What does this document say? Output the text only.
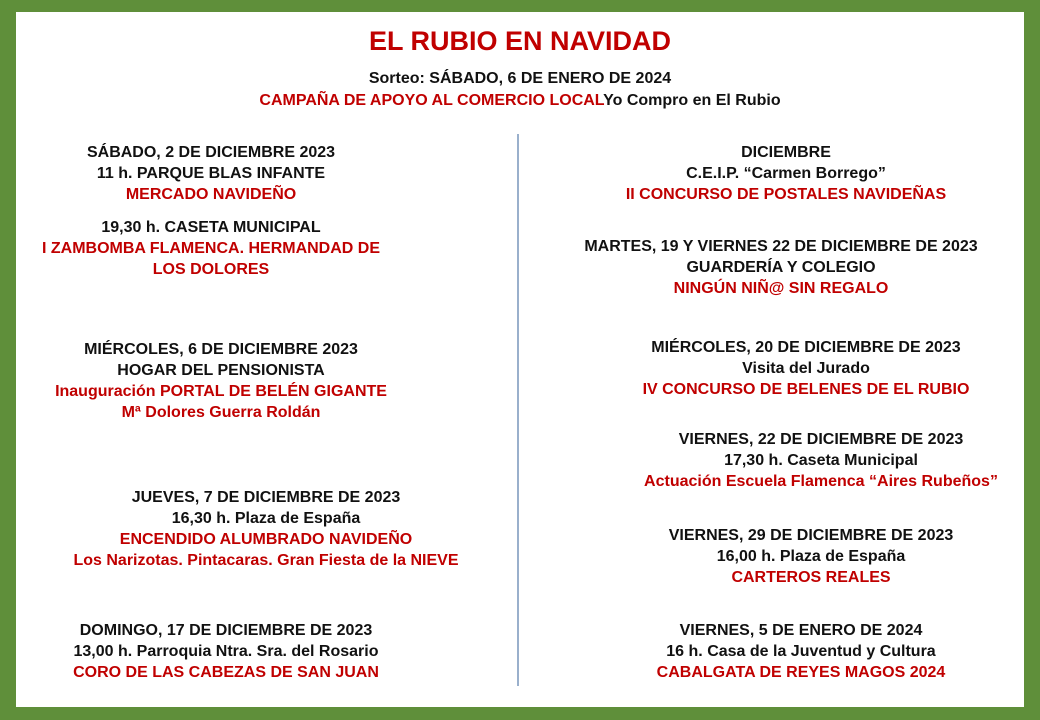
EL RUBIO EN NAVIDAD
Sorteo: SÁBADO, 6 DE ENERO DE 2024
CAMPAÑA DE APOYO AL COMERCIO LOCALYo Compro en El Rubio
SÁBADO, 2 DE DICIEMBRE 2023
11 h. PARQUE BLAS INFANTE
MERCADO NAVIDEÑO
19,30 h. CASETA MUNICIPAL
I ZAMBOMBA FLAMENCA. HERMANDAD DE
LOS DOLORES
MIÉRCOLES, 6 DE DICIEMBRE 2023
HOGAR DEL PENSIONISTA
Inauguración PORTAL DE BELÉN GIGANTE
Mª Dolores Guerra Roldán
JUEVES, 7 DE DICIEMBRE DE 2023
16,30 h. Plaza de España
ENCENDIDO ALUMBRADO NAVIDEÑO
Los Narizotas. Pintacaras. Gran Fiesta de la NIEVE
DOMINGO, 17 DE DICIEMBRE DE 2023
13,00 h. Parroquia Ntra. Sra. del Rosario
CORO DE LAS CABEZAS DE SAN JUAN
DICIEMBRE
C.E.I.P. “Carmen Borrego”
II CONCURSO DE POSTALES NAVIDEÑAS
MARTES, 19 Y VIERNES 22 DE DICIEMBRE DE 2023
GUARDERÍA Y COLEGIO
NINGÚN NIÑ@ SIN REGALO
MIÉRCOLES, 20 DE DICIEMBRE DE 2023
Visita del Jurado
IV CONCURSO DE BELENES DE EL RUBIO
VIERNES, 22 DE DICIEMBRE DE 2023
17,30 h. Caseta Municipal
Actuación Escuela Flamenca “Aires Rubeños”
VIERNES, 29 DE DICIEMBRE DE 2023
16,00 h. Plaza de España
CARTEROS REALES
VIERNES, 5 DE ENERO DE 2024
16 h. Casa de la Juventud y Cultura
CABALGATA DE REYES MAGOS 2024
